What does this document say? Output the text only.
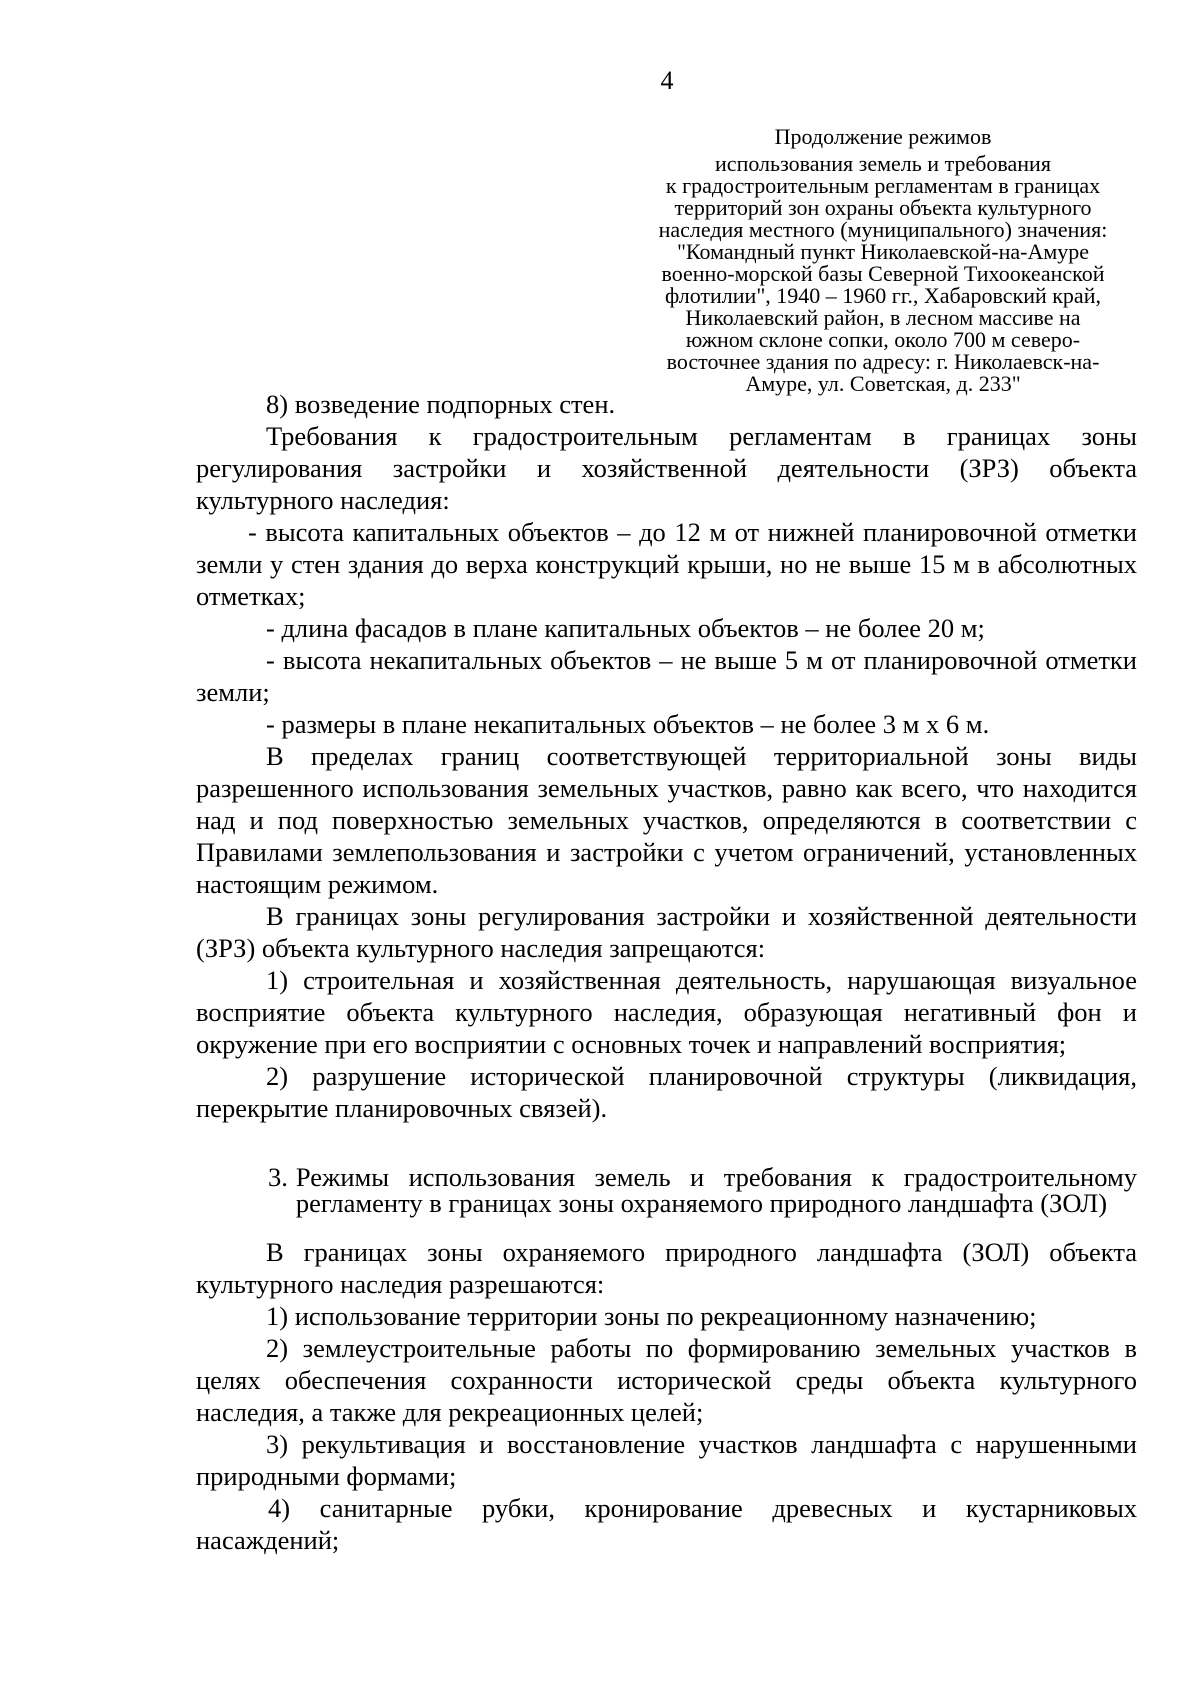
4
Продолжение режимов
использования земель и требования
к градостроительным регламентам в границах
территорий зон охраны объекта культурного
наследия местного (муниципального) значения:
"Командный пункт Николаевской-на-Амуре
военно-морской базы Северной Тихоокеанской
флотилии", 1940 – 1960 гг., Хабаровский край,
Николаевский район, в лесном массиве на
южном склоне сопки, около 700 м северо-
восточнее здания по адресу: г. Николаевск-на-
Амуре, ул. Советская, д. 233"

8) возведение подпорных стен.

Требования к градостроительным регламентам в границах зоны регулирования застройки и хозяйственной деятельности (ЗРЗ) объекта культурного наследия:

- высота капитальных объектов – до 12 м от нижней планировочной отметки земли у стен здания до верха конструкций крыши, но не выше 15 м в абсолютных отметках;

- длина фасадов в плане капитальных объектов – не более 20 м;

- высота некапитальных объектов – не выше 5 м от планировочной отметки земли;

- размеры в плане некапитальных объектов – не более 3 м х 6 м.

В пределах границ соответствующей территориальной зоны виды разрешенного использования земельных участков, равно как всего, что находится над и под поверхностью земельных участков, определяются в соответствии с Правилами землепользования и застройки с учетом ограничений, установленных настоящим режимом.

В границах зоны регулирования застройки и хозяйственной деятельности (ЗРЗ) объекта культурного наследия запрещаются:

1) строительная и хозяйственная деятельность, нарушающая визуальное восприятие объекта культурного наследия, образующая негативный фон и окружение при его восприятии с основных точек и направлений восприятия;

2) разрушение исторической планировочной структуры (ликвидация, перекрытие планировочных связей).

3. Режимы использования земель и требования к градостроительному регламенту в границах зоны охраняемого природного ландшафта (ЗОЛ)

В границах зоны охраняемого природного ландшафта (ЗОЛ) объекта культурного наследия разрешаются:

1) использование территории зоны по рекреационному назначению;

2) землеустроительные работы по формированию земельных участков в целях обеспечения сохранности исторической среды объекта культурного наследия, а также для рекреационных целей;

3) рекультивация и восстановление участков ландшафта с нарушенными природными формами;

4) санитарные рубки, кронирование древесных и кустарниковых насаждений;
